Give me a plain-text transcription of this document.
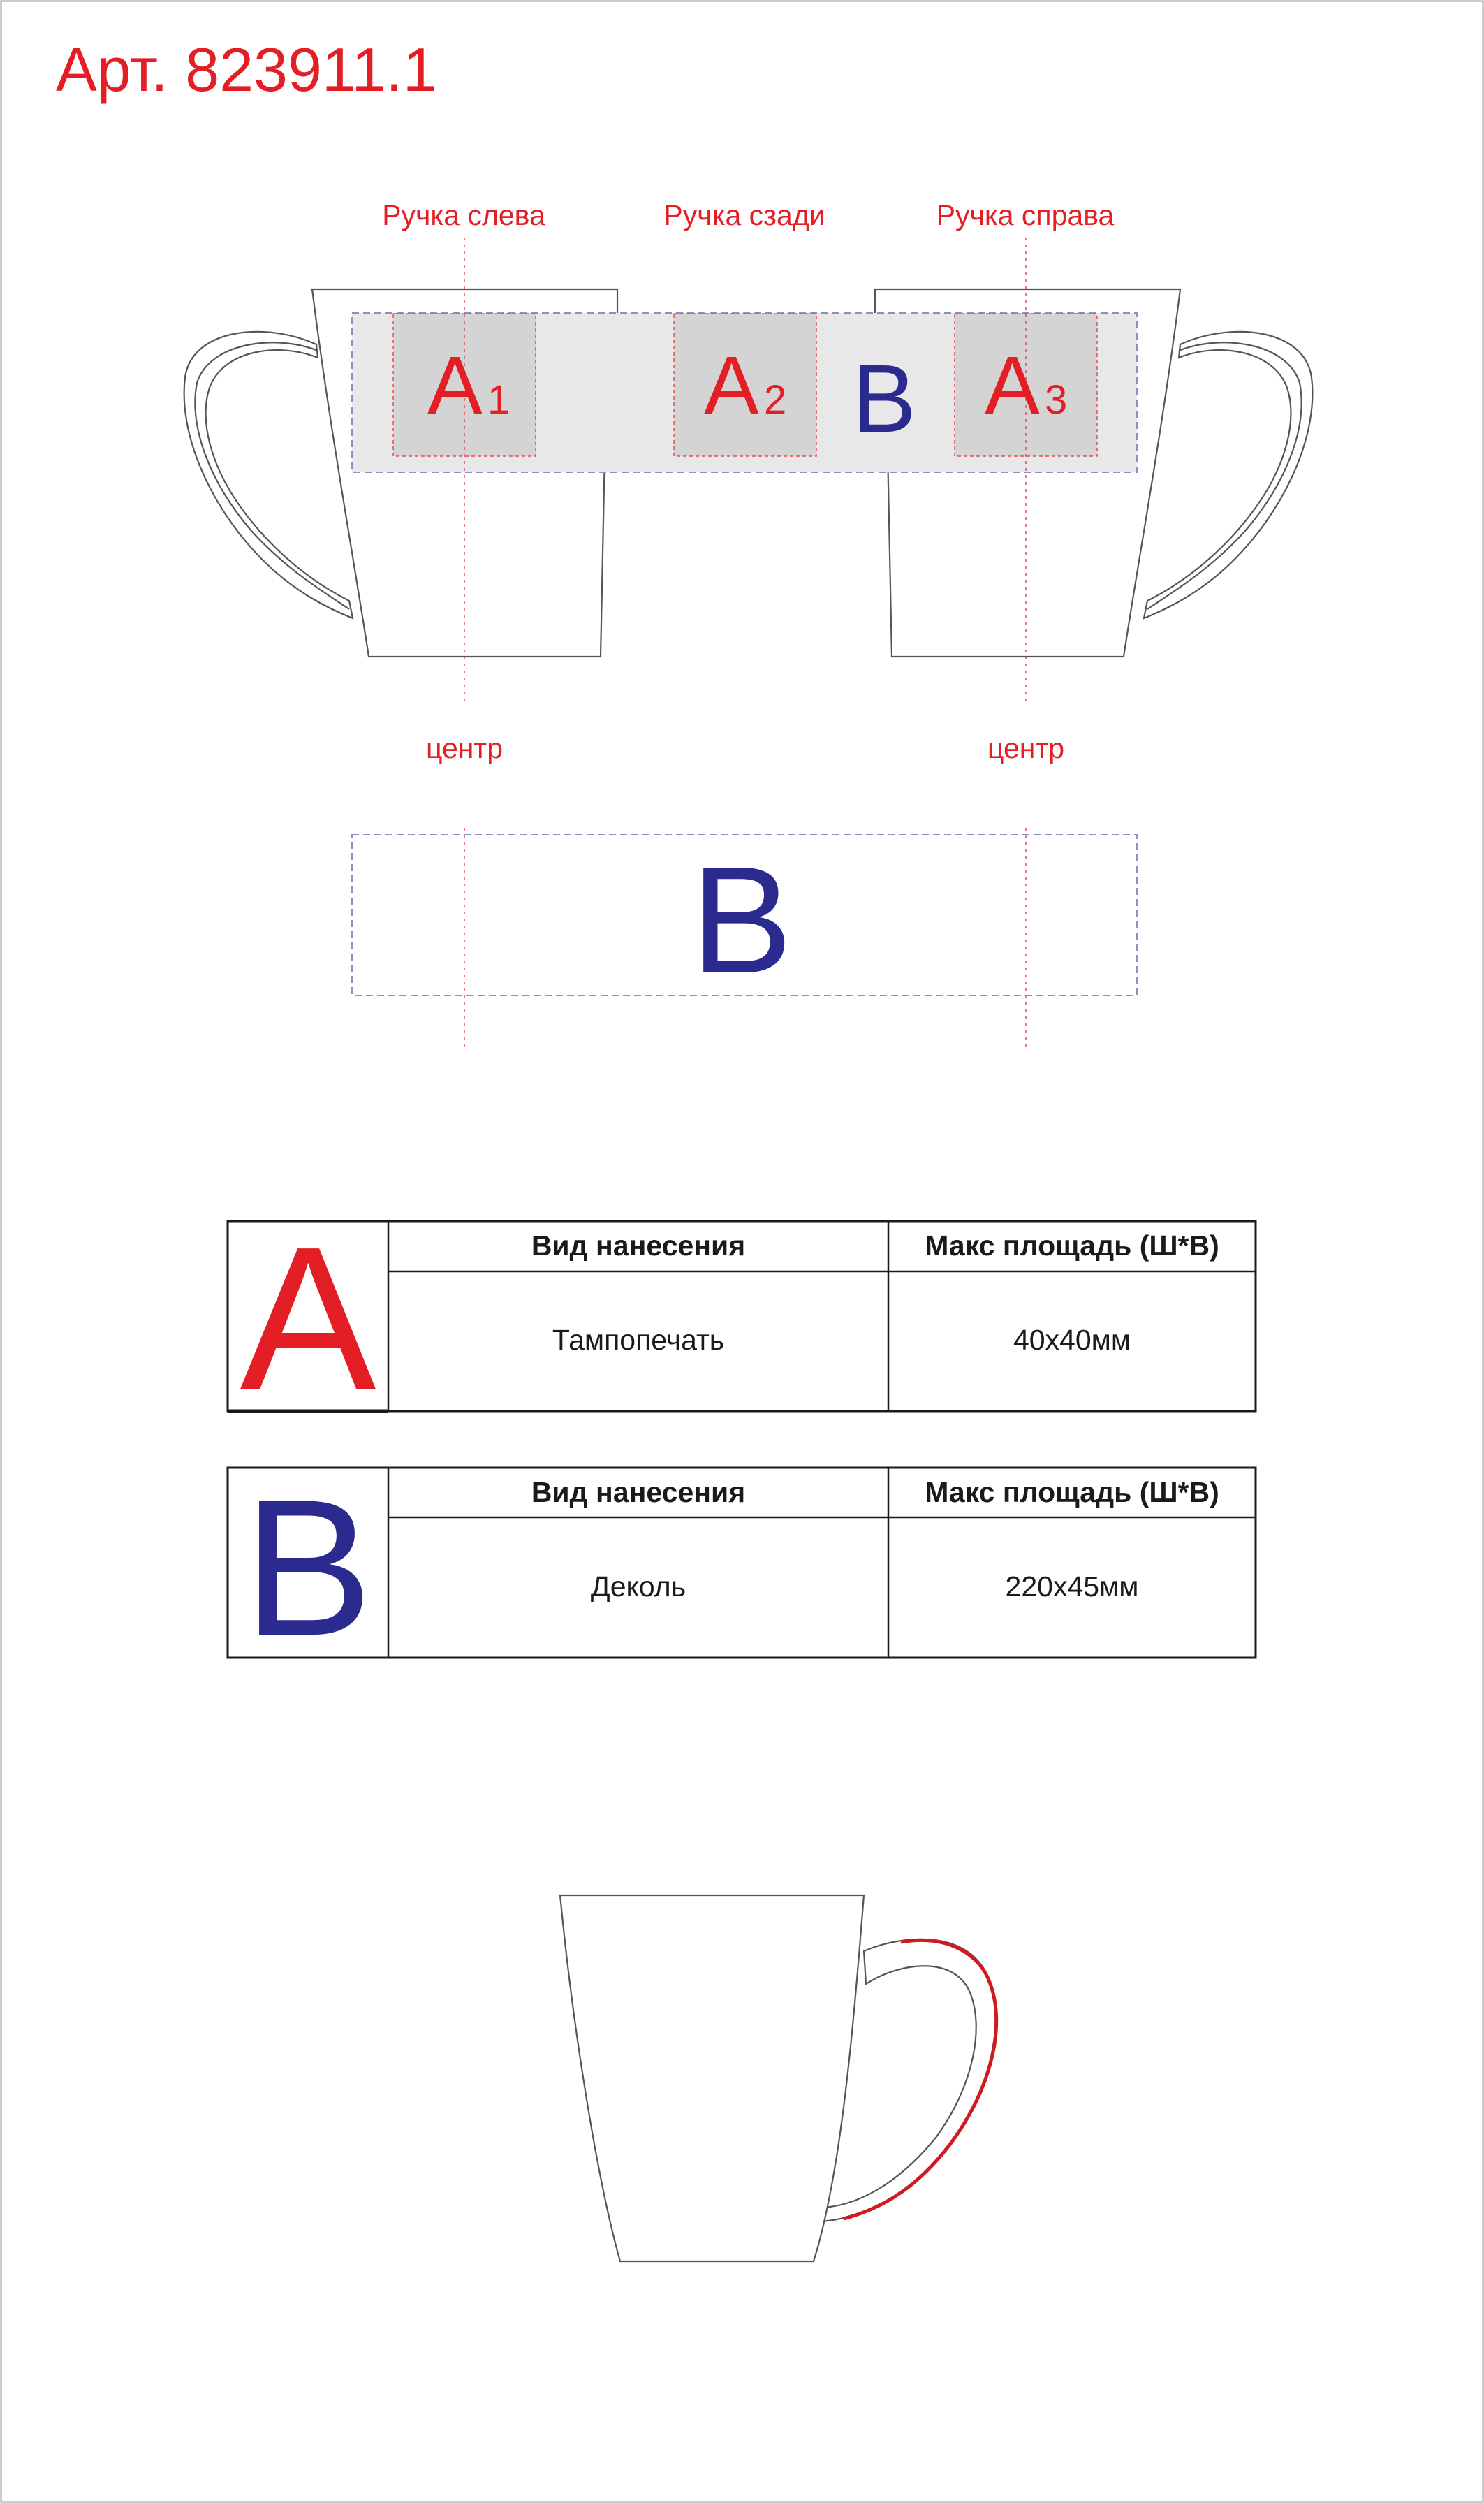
Арт. 823911.1
Ручка слева	Ручка сзади	Ручка справа
A 1 A 2 B A 3
центр	центр
B
A	Вид нанесения	Макс площадь (Ш*В)
Тампопечать	40x40мм
B	Вид нанесения	Макс площадь (Ш*В)
Деколь	220x45мм
